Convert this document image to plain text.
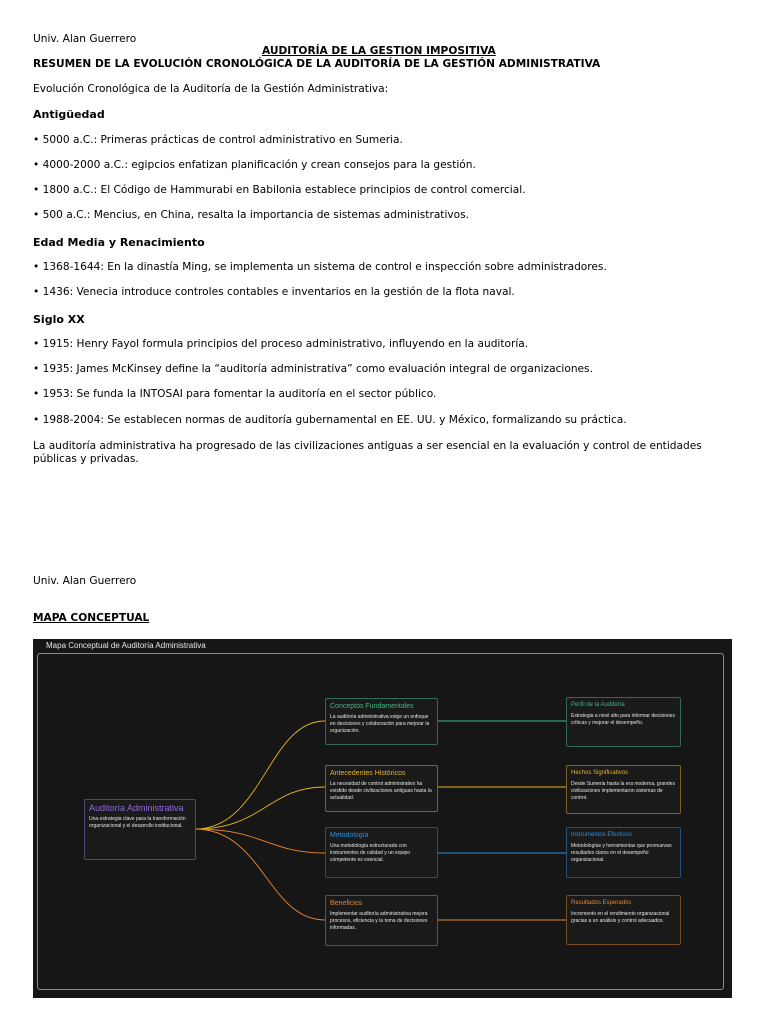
Univ. Alan Guerrero
AUDITORÍA DE LA GESTION IMPOSITIVA
RESUMEN DE LA EVOLUCIÓN CRONOLÓGICA DE LA AUDITORÍA DE LA GESTIÓN ADMINISTRATIVA
Evolución Cronológica de la Auditoría de la Gestión Administrativa:
Antigüedad
• 5000 a.C.: Primeras prácticas de control administrativo en Sumeria.
• 4000-2000 a.C.: egipcios enfatizan planificación y crean consejos para la gestión.
• 1800 a.C.: El Código de Hammurabi en Babilonia establece principios de control comercial.
• 500 a.C.: Mencius, en China, resalta la importancia de sistemas administrativos.
Edad Media y Renacimiento
• 1368-1644: En la dinastía Ming, se implementa un sistema de control e inspección sobre administradores.
• 1436: Venecia introduce controles contables e inventarios en la gestión de la flota naval.
Siglo XX
• 1915: Henry Fayol formula principios del proceso administrativo, influyendo en la auditoría.
• 1935: James McKinsey define la “auditoría administrativa” como evaluación integral de organizaciones.
• 1953: Se funda la INTOSAI para fomentar la auditoría en el sector público.
• 1988-2004: Se establecen normas de auditoría gubernamental en EE. UU. y México, formalizando su práctica.
La auditoría administrativa ha progresado de las civilizaciones antiguas a ser esencial en la evaluación y control de entidades públicas y privadas.
Univ. Alan Guerrero
MAPA CONCEPTUAL
Mapa Conceptual de Auditoría Administrativa
Auditoría Administrativa
Una estrategia clave para la transformación organizacional y el desarrollo institucional.
Conceptos Fundamentales
La auditoría administrativa exige un enfoque en decisiones y colaboración para mejorar la organización.
Antecedentes Históricos
La necesidad de control administrativo ha existido desde civilizaciones antiguas hasta la actualidad.
Metodología
Una metodología estructurada con instrumentos de calidad y un equipo competente es esencial.
Beneficios
Implementar auditoría administrativa mejora procesos, eficiencia y la toma de decisiones informadas.
Perfil de la Auditoría
Estrategia a nivel alto para informar decisiones críticas y mejorar el desempeño.
Hechos Significativos
Desde Sumeria hasta la era moderna, grandes civilizaciones implementaron sistemas de control.
Instrumentos Efectivos
Metodologías y herramientas que promuevan resultados claros en el desempeño organizacional.
Resultados Esperados
Incremento en el rendimiento organizacional gracias a un análisis y control adecuados.
